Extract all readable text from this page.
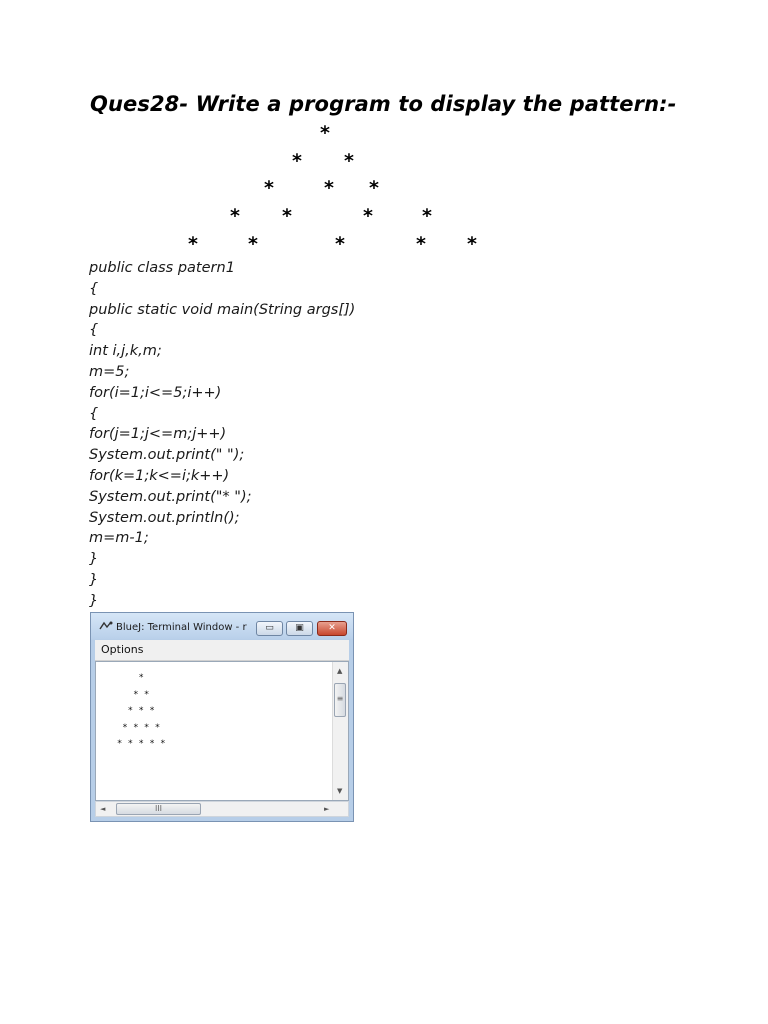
Ques28- Write a program to display the pattern:-
*
* *
*	* *
* *	*	*
*	*	*	* *
public class patern1
{
public static void main(String args[])
{
int i,j,k,m;
m=5;
for(i=1;i<=5;i++)
{
for(j=1;j<=m;j++)
System.out.print(" ");
for(k=1;k<=i;k++)
System.out.print("* ");
System.out.println();
m=m-1;
}
}
}
BlueJ: Terminal Window - r	▭	▣	✕
Options
*
* *
* * *
* * * *
* * * * *
▲
≡
▼
◄	III	►
